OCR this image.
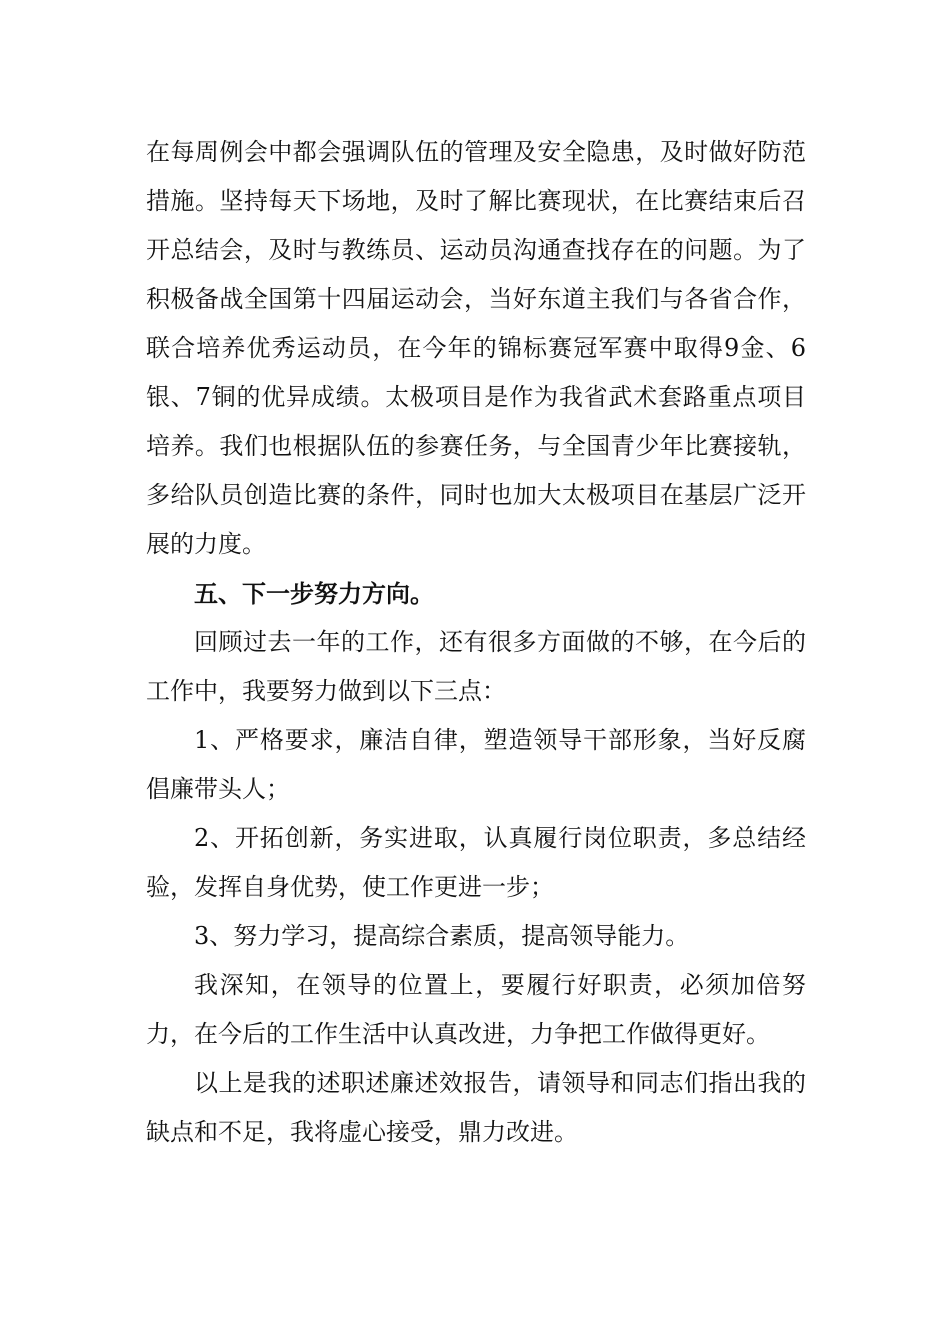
在每周例会中都会强调队伍的管理及安全隐患，及时做好防范措施。坚持每天下场地，及时了解比赛现状，在比赛结束后召开总结会，及时与教练员、运动员沟通查找存在的问题。为了积极备战全国第十四届运动会，当好东道主我们与各省合作，联合培养优秀运动员，在今年的锦标赛冠军赛中取得9金、6银、7铜的优异成绩。太极项目是作为我省武术套路重点项目培养。我们也根据队伍的参赛任务，与全国青少年比赛接轨，多给队员创造比赛的条件，同时也加大太极项目在基层广泛开展的力度。

五、下一步努力方向。

回顾过去一年的工作，还有很多方面做的不够，在今后的工作中，我要努力做到以下三点：

1、严格要求，廉洁自律，塑造领导干部形象，当好反腐倡廉带头人；

2、开拓创新，务实进取，认真履行岗位职责，多总结经验，发挥自身优势，使工作更进一步；

3、努力学习，提高综合素质，提高领导能力。

我深知，在领导的位置上，要履行好职责，必须加倍努力，在今后的工作生活中认真改进，力争把工作做得更好。

以上是我的述职述廉述效报告，请领导和同志们指出我的缺点和不足，我将虚心接受，鼎力改进。
